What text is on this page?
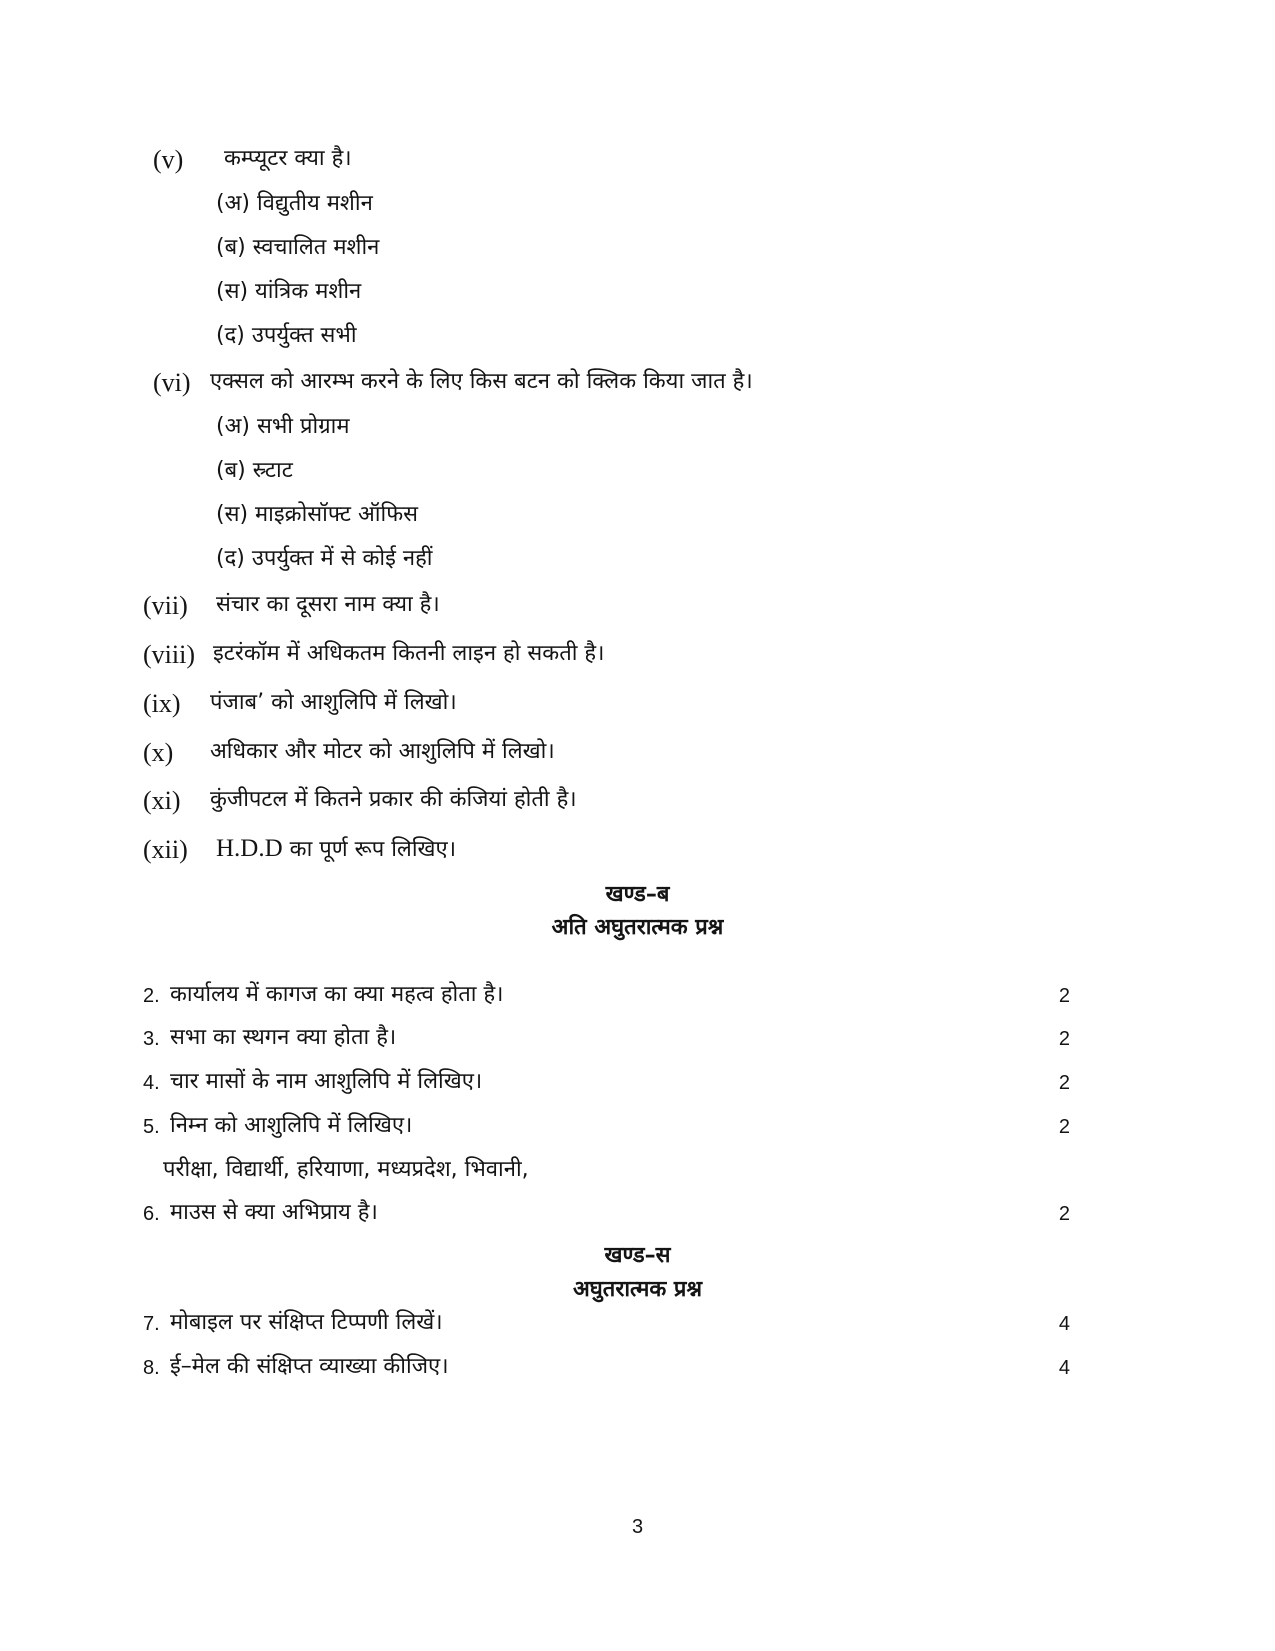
(v) कम्प्यूटर क्या है।
(अ) विद्युतीय मशीन
(ब) स्वचालित मशीन
(स) यांत्रिक मशीन
(द) उपर्युक्त सभी
(vi) एक्सल को आरम्भ करने के लिए किस बटन को क्लिक किया जात है।
(अ) सभी प्रोग्राम
(ब) स्र्टाट
(स) माइक्रोसॉफ्ट ऑफिस
(द) उपर्युक्त में से कोई नहीं
(vii) संचार का दूसरा नाम क्या है।
(viii) इटरंकॉम में अधिकतम कितनी लाइन हो सकती है।
(ix) पंजाब’ को आशुलिपि में लिखो।
(x) अधिकार और मोटर को आशुलिपि में लिखो।
(xi) कुंजीपटल में कितने प्रकार की कंजियां होती है।
(xii) H.D.D का पूर्ण रूप लिखिए।
खण्ड–ब
अति अघुतरात्मक प्रश्न
2. कार्यालय में कागज का क्या महत्व होता है।	2
3. सभा का स्थगन क्या होता है।	2
4. चार मासों के नाम आशुलिपि में लिखिए।	2
5. निम्न को आशुलिपि में लिखिए।	2
परीक्षा, विद्यार्थी, हरियाणा, मध्यप्रदेश, भिवानी,
6. माउस से क्या अभिप्राय है।	2
खण्ड–स
अघुतरात्मक प्रश्न
7. मोबाइल पर संक्षिप्त टिप्पणी लिखें।	4
8. ई–मेल की संक्षिप्त व्याख्या कीजिए।	4
3
